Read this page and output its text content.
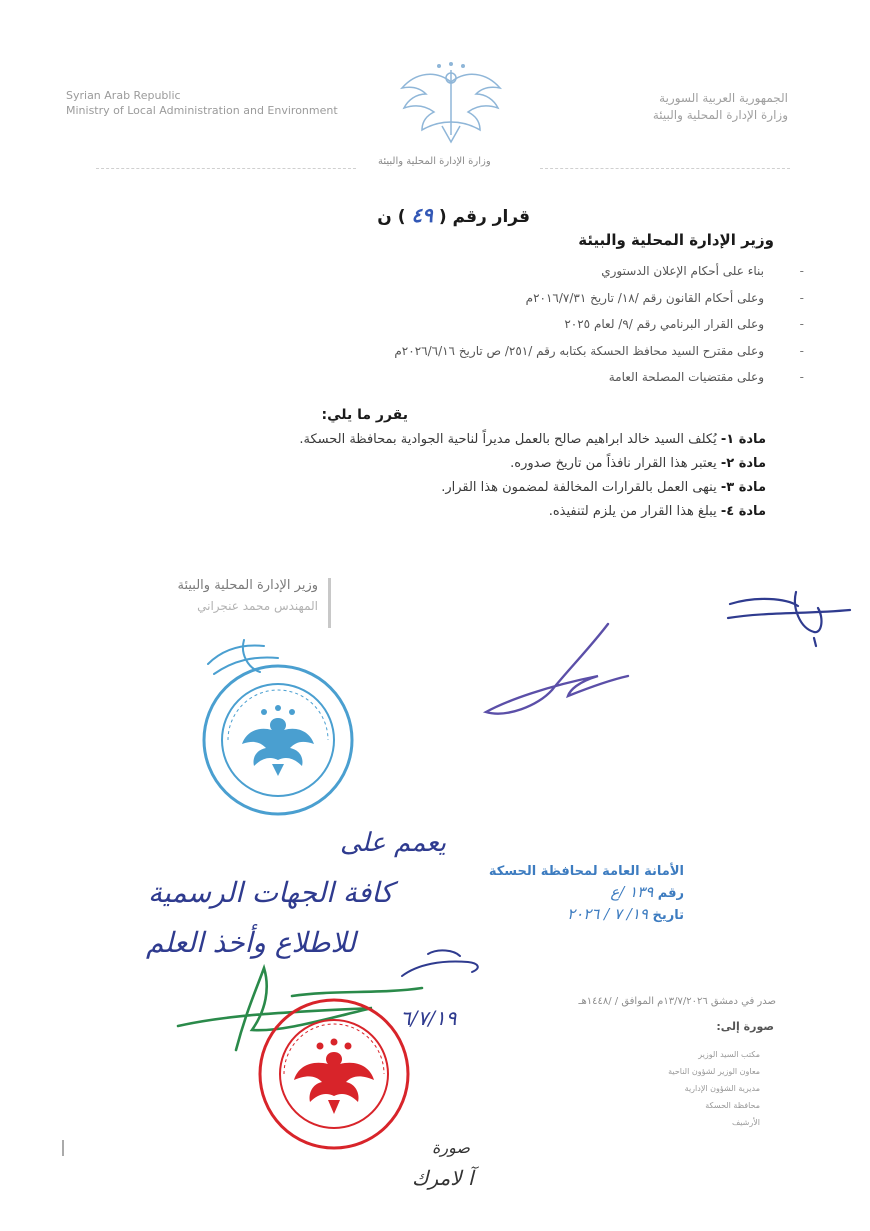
Syrian Arab Republic
Ministry of Local Administration and Environment
الجمهورية العربية السورية
وزارة الإدارة المحلية والبيئة
وزارة الإدارة المحلية والبيئة
قرار رقم ( ٤٩ ) ن
وزير الإدارة المحلية والبيئة
- بناء على أحكام الإعلان الدستوري
- وعلى أحكام القانون رقم /١٨/ تاريخ ٢٠١٦/٧/٣١م
- وعلى القرار البرنامي رقم /٩/ لعام ٢٠٢٥
- وعلى مقترح السيد محافظ الحسكة بكتابه رقم /٢٥١/ ص تاريخ ٢٠٢٦/٦/١٦م
- وعلى مقتضيات المصلحة العامة
يقرر ما يلي:
مادة ١- يُكلف السيد خالد ابراهيم صالح بالعمل مديراً لناحية الجوادية بمحافظة الحسكة.
مادة ٢- يعتبر هذا القرار نافذاً من تاريخ صدوره.
مادة ٣- ينهى العمل بالقرارات المخالفة لمضمون هذا القرار.
مادة ٤- يبلغ هذا القرار من يلزم لتنفيذه.
وزير الإدارة المحلية والبيئة
المهندس محمد عنجراني
يعمم على
كافة الجهات الرسمية
للاطلاع وأخذ العلم
٦/٧/١٩
الأمانة العامة لمحافظة الحسكة
رقم ١٣٩ /ع
تاريخ ١٩/ ٧ / ٢٠٢٦
صدر في دمشق ١٣/٧/٢٠٢٦م الموافق / /١٤٤٨هـ
صورة إلى:
مكتب السيد الوزير
معاون الوزير لشؤون الناحية
مديرية الشؤون الإدارية
محافظة الحسكة
الأرشيف
صورة
آ لامرك
